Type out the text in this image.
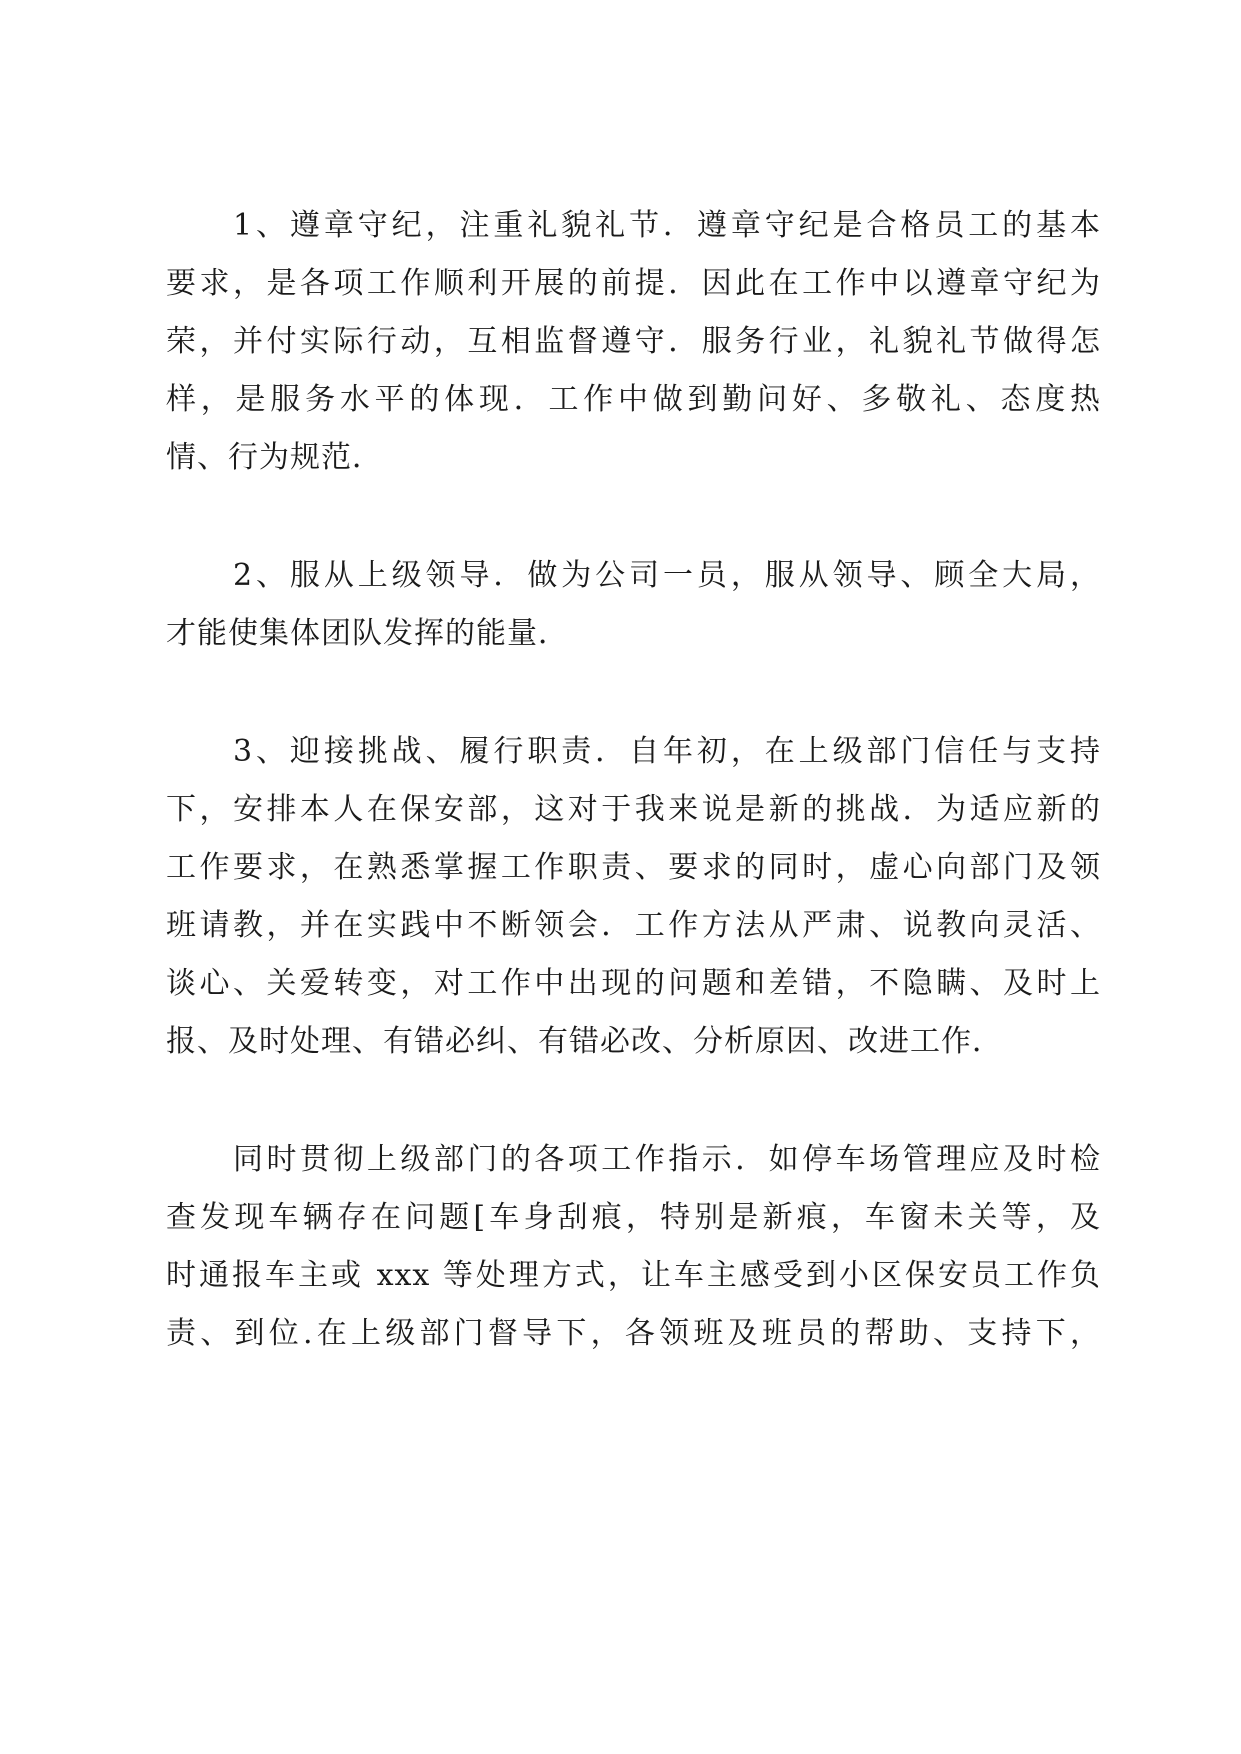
1、遵章守纪，注重礼貌礼节．遵章守纪是合格员工的基本

要求，是各项工作顺利开展的前提．因此在工作中以遵章守纪为

荣，并付实际行动，互相监督遵守．服务行业，礼貌礼节做得怎

样，是服务水平的体现．工作中做到勤问好、多敬礼、态度热

情、行为规范．

2、服从上级领导．做为公司一员，服从领导、顾全大局，

才能使集体团队发挥的能量．

3、迎接挑战、履行职责．自年初，在上级部门信任与支持

下，安排本人在保安部，这对于我来说是新的挑战．为适应新的

工作要求，在熟悉掌握工作职责、要求的同时，虚心向部门及领

班请教，并在实践中不断领会．工作方法从严肃、说教向灵活、

谈心、关爱转变，对工作中出现的问题和差错，不隐瞒、及时上

报、及时处理、有错必纠、有错必改、分析原因、改进工作．

同时贯彻上级部门的各项工作指示．如停车场管理应及时检

查发现车辆存在问题[车身刮痕，特别是新痕，车窗未关等，及

时通报车主或 xxx 等处理方式，让车主感受到小区保安员工作负

责、到位.在上级部门督导下，各领班及班员的帮助、支持下，
